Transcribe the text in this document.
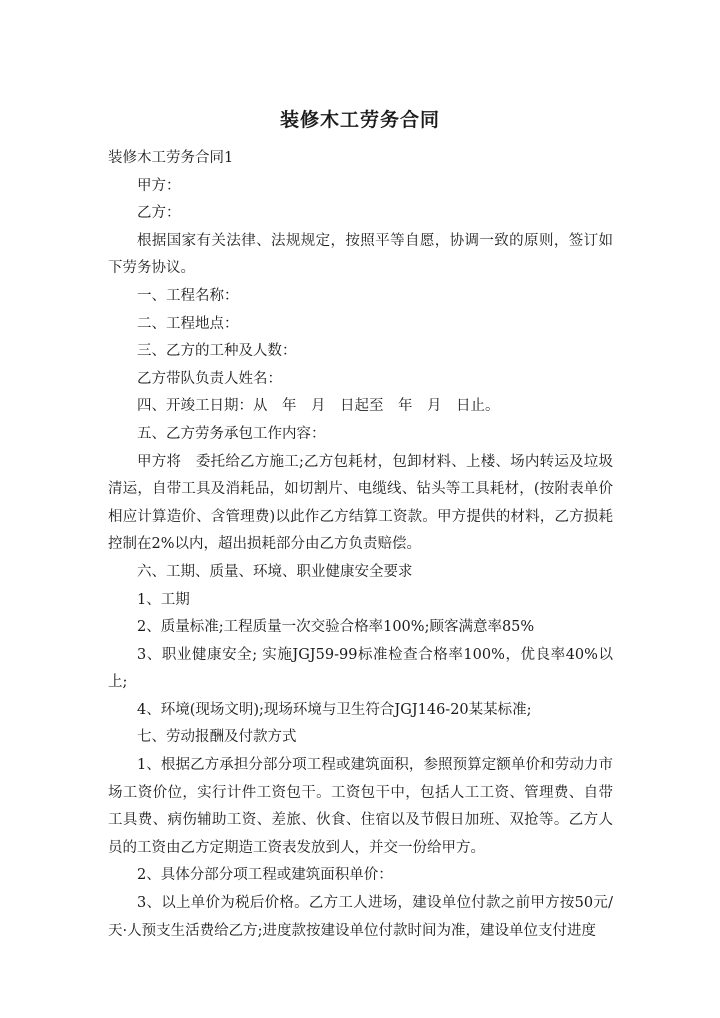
装修木工劳务合同

装修木工劳务合同1

甲方：

乙方：

根据国家有关法律、法规规定，按照平等自愿，协调一致的原则，签订如下劳务协议。

一、工程名称：

二、工程地点：

三、乙方的工种及人数：

乙方带队负责人姓名：

四、开竣工日期：从　年　月　日起至　年　月　日止。

五、乙方劳务承包工作内容：

甲方将　委托给乙方施工;乙方包耗材，包卸材料、上楼、场内转运及垃圾清运，自带工具及消耗品，如切割片、电缆线、钻头等工具耗材，(按附表单价相应计算造价、含管理费)以此作乙方结算工资款。甲方提供的材料，乙方损耗控制在2%以内，超出损耗部分由乙方负责赔偿。

六、工期、质量、环境、职业健康安全要求

1、工期

2、质量标准;工程质量一次交验合格率100%;顾客满意率85%

3、职业健康安全; 实施JGJ59-99标准检查合格率100%，优良率40%以上;

4、环境(现场文明);现场环境与卫生符合JGJ146-20某某标准;

七、劳动报酬及付款方式

1、根据乙方承担分部分项工程或建筑面积，参照预算定额单价和劳动力市场工资价位，实行计件工资包干。工资包干中，包括人工工资、管理费、自带工具费、病伤辅助工资、差旅、伙食、住宿以及节假日加班、双抢等。乙方人员的工资由乙方定期造工资表发放到人，并交一份给甲方。

2、具体分部分项工程或建筑面积单价：

3、以上单价为税后价格。乙方工人进场，建设单位付款之前甲方按50元/天·人预支生活费给乙方;进度款按建设单位付款时间为准，建设单位支付进度
